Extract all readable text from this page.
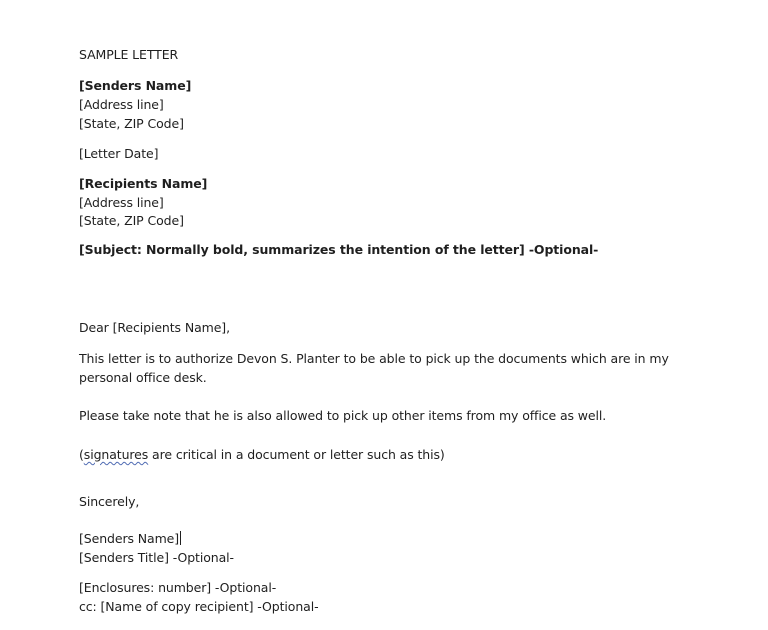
SAMPLE LETTER
[Senders Name]
[Address line]
[State, ZIP Code]
[Letter Date]
[Recipients Name]
[Address line]
[State, ZIP Code]
[Subject: Normally bold, summarizes the intention of the letter] -Optional-
Dear [Recipients Name],
This letter is to authorize Devon S. Planter to be able to pick up the documents which are in my personal office desk.
Please take note that he is also allowed to pick up other items from my office as well.
(signatures are critical in a document or letter such as this)
Sincerely,
[Senders Name]
[Senders Title] -Optional-
[Enclosures: number] -Optional-
cc: [Name of copy recipient] -Optional-
